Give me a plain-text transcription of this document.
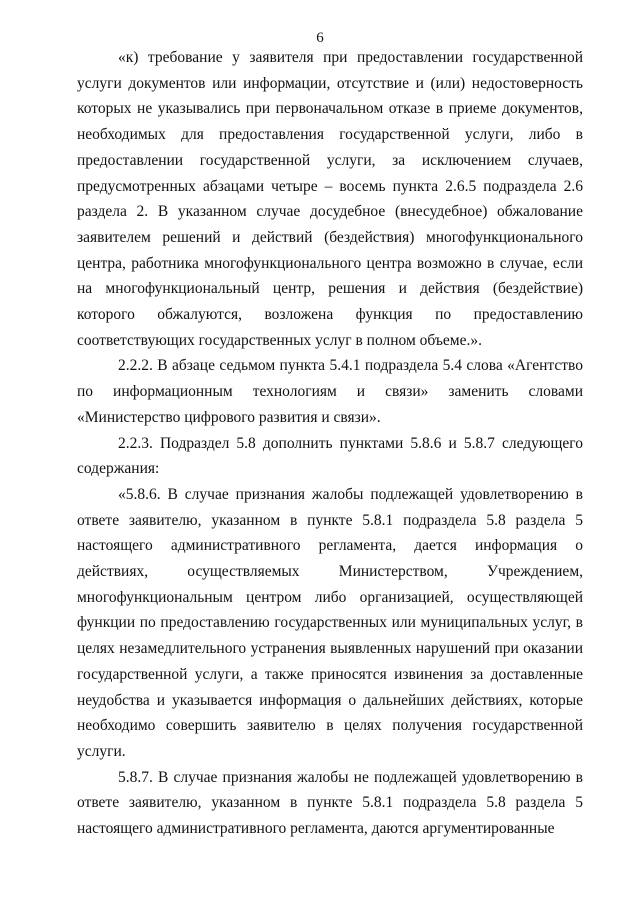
6

«к) требование у заявителя при предоставлении государственной услуги документов или информации, отсутствие и (или) недостоверность которых не указывались при первоначальном отказе в приеме документов, необходимых для предоставления государственной услуги, либо в предоставлении государственной услуги, за исключением случаев, предусмотренных абзацами четыре – восемь пункта 2.6.5 подраздела 2.6 раздела 2. В указанном случае досудебное (внесудебное) обжалование заявителем решений и действий (бездействия) многофункционального центра, работника многофункционального центра возможно в случае, если на многофункциональный центр, решения и действия (бездействие) которого обжалуются, возложена функция по предоставлению соответствующих государственных услуг в полном объеме.».

2.2.2. В абзаце седьмом пункта 5.4.1 подраздела 5.4 слова «Агентство по информационным технологиям и связи» заменить словами «Министерство цифрового развития и связи».

2.2.3. Подраздел 5.8 дополнить пунктами 5.8.6 и 5.8.7 следующего содержания:

«5.8.6. В случае признания жалобы подлежащей удовлетворению в ответе заявителю, указанном в пункте 5.8.1 подраздела 5.8 раздела 5 настоящего административного регламента, дается информация о действиях, осуществляемых Министерством, Учреждением, многофункциональным центром либо организацией, осуществляющей функции по предоставлению государственных или муниципальных услуг, в целях незамедлительного устранения выявленных нарушений при оказании государственной услуги, а также приносятся извинения за доставленные неудобства и указывается информация о дальнейших действиях, которые необходимо совершить заявителю в целях получения государственной услуги.

5.8.7. В случае признания жалобы не подлежащей удовлетворению в ответе заявителю, указанном в пункте 5.8.1 подраздела 5.8 раздела 5 настоящего административного регламента, даются аргументированные
